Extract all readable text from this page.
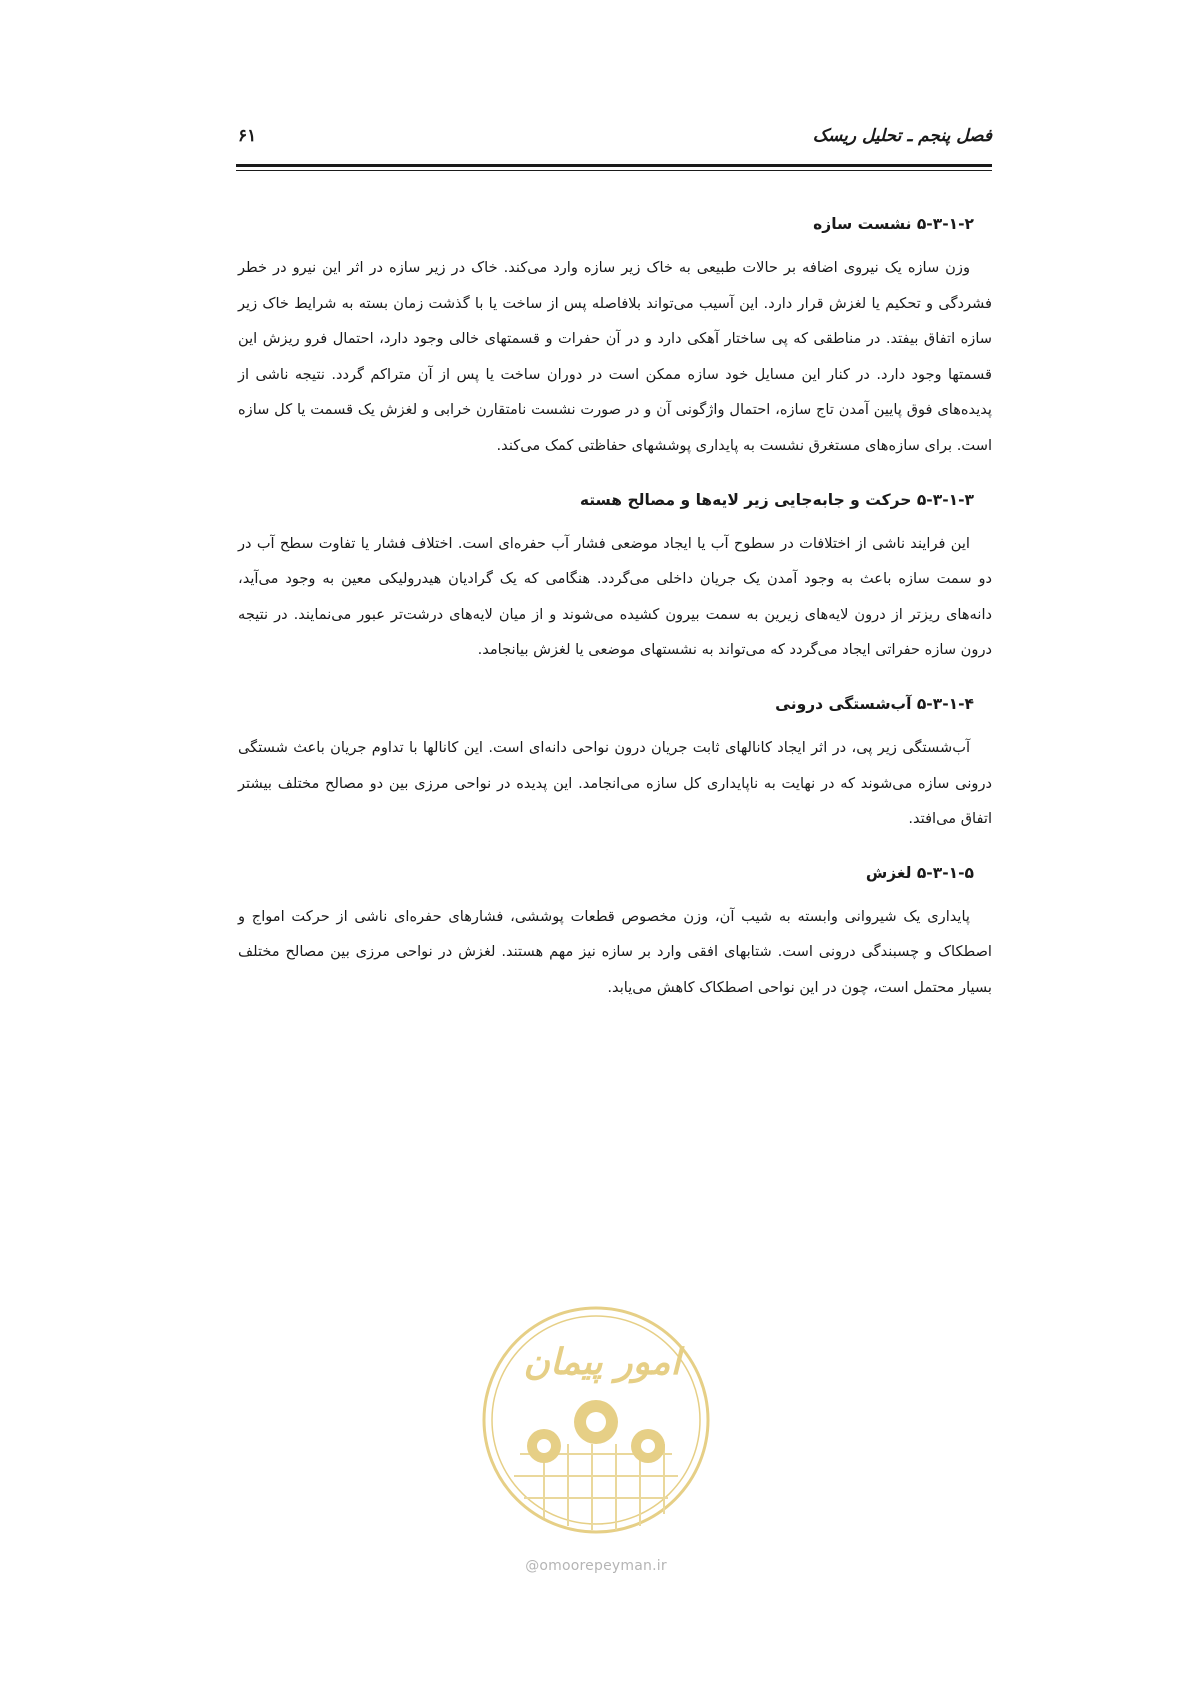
فصل پنجم ـ تحلیل ریسک
۶۱
۵-۳-۱-۲ نشست سازه

وزن سازه یک نیروی اضافه بر حالات طبیعی به خاک زیر سازه وارد می‌کند. خاک در زیر سازه در اثر این نیرو در خطر فشردگی و تحکیم یا لغزش قرار دارد. این آسیب می‌تواند بلافاصله پس از ساخت یا با گذشت زمان بسته به شرایط خاک زیر سازه اتفاق بیفتد. در مناطقی که پی ساختار آهکی دارد و در آن حفرات و قسمتهای خالی وجود دارد، احتمال فرو ریزش این قسمتها وجود دارد. در کنار این مسایل خود سازه ممکن است در دوران ساخت یا پس از آن متراکم گردد. نتیجه ناشی از پدیده‌های فوق پایین آمدن تاج سازه، احتمال واژگونی آن و در صورت نشست نامتقارن خرابی و لغزش یک قسمت یا کل سازه است. برای سازه‌های مستغرق نشست به پایداری پوششهای حفاظتی کمک می‌کند.

۵-۳-۱-۳ حرکت و جابه‌جایی زیر لایه‌ها و مصالح هسته

این فرایند ناشی از اختلافات در سطوح آب یا ایجاد موضعی فشار آب حفره‌ای است. اختلاف فشار یا تفاوت سطح آب در دو سمت سازه باعث به وجود آمدن یک جریان داخلی می‌گردد. هنگامی که یک گرادیان هیدرولیکی معین به وجود می‌آید، دانه‌های ریزتر از درون لایه‌های زیرین به سمت بیرون کشیده می‌شوند و از میان لایه‌های درشت‌تر عبور می‌نمایند. در نتیجه درون سازه حفراتی ایجاد می‌گردد که می‌تواند به نشستهای موضعی یا لغزش بیانجامد.

۵-۳-۱-۴ آب‌شستگی درونی

آب‌شستگی زیر پی، در اثر ایجاد کانالهای ثابت جریان درون نواحی دانه‌ای است. این کانالها با تداوم جریان باعث شستگی درونی سازه می‌شوند که در نهایت به ناپایداری کل سازه می‌انجامد. این پدیده در نواحی مرزی بین دو مصالح مختلف بیشتر اتفاق می‌افتد.

۵-۳-۱-۵ لغزش

پایداری یک شیروانی وابسته به شیب آن، وزن مخصوص قطعات پوششی، فشارهای حفره‌ای ناشی از حرکت امواج و اصطکاک و چسبندگی درونی است. شتابهای افقی وارد بر سازه نیز مهم هستند. لغزش در نواحی مرزی بین مصالح مختلف بسیار محتمل است، چون در این نواحی اصطکاک کاهش می‌یابد.

امور پیمان
@omoorepeyman.ir
